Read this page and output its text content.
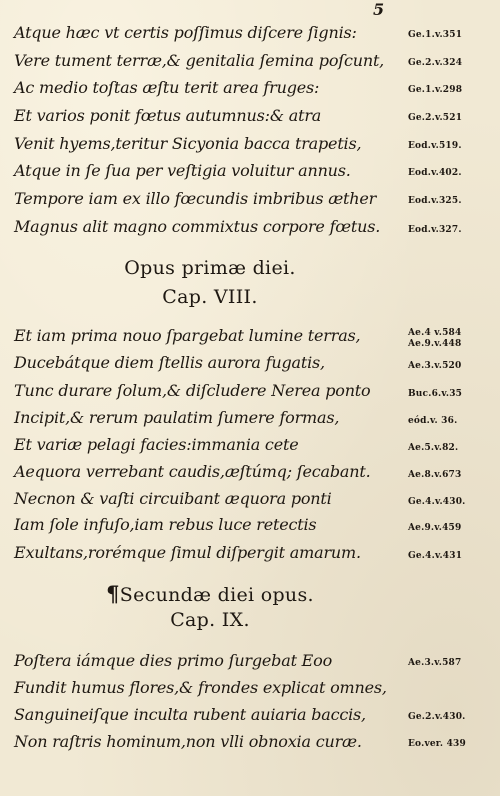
5
Atque hæc vt certis poſſimus diſcere ſignis:	Ge.1.v.351
Vere tument terræ,& genitalia ſemina poſcunt,	Ge.2.v.324
Ac medio toſtas æſtu terit area fruges:	Ge.1.v.298
Et varios ponit fœtus autumnus:& atra	Ge.2.v.521
Venit hyems,teritur Sicyonia bacca trapetis,	Eod.v.519.
Atque in ſe ſua per veſtigia voluitur annus.	Eod.v.402.
Tempore iam ex illo fœcundis imbribus æther	Eod.v.325.
Magnus alit magno commixtus corpore fœtus.	Eod.v.327.
Opus primæ diei.
Cap. VIII.
Et iam prima nouo ſpargebat lumine terras,	Ae.4 v.584
Ae.9.v.448
Ducebátque diem ſtellis aurora fugatis,	Ae.3.v.520
Tunc durare ſolum,& diſcludere Nerea ponto	Buc.6.v.35
Incipit,& rerum paulatim ſumere formas,	eód.v. 36.
Et variæ pelagi facies:immania cete	Ae.5.v.82.
Aequora verrebant caudis,æſtúmq; ſecabant.	Ae.8.v.673
Necnon & vaſti circuibant æquora ponti	Ge.4.v.430.
Iam ſole infuſo,iam rebus luce retectis	Ae.9.v.459
Exultans,rorémque ſimul diſpergit amarum.	Ge.4.v.431
¶Secundæ diei opus.
Cap. IX.
Poſtera iámque dies primo ſurgebat Eoo	Ae.3.v.587
Fundit humus flores,& frondes explicat omnes,
Sanguineiſque inculta rubent auiaria baccis,	Ge.2.v.430.
Non raſtris hominum,non vlli obnoxia curæ.	Eo.ver. 439
